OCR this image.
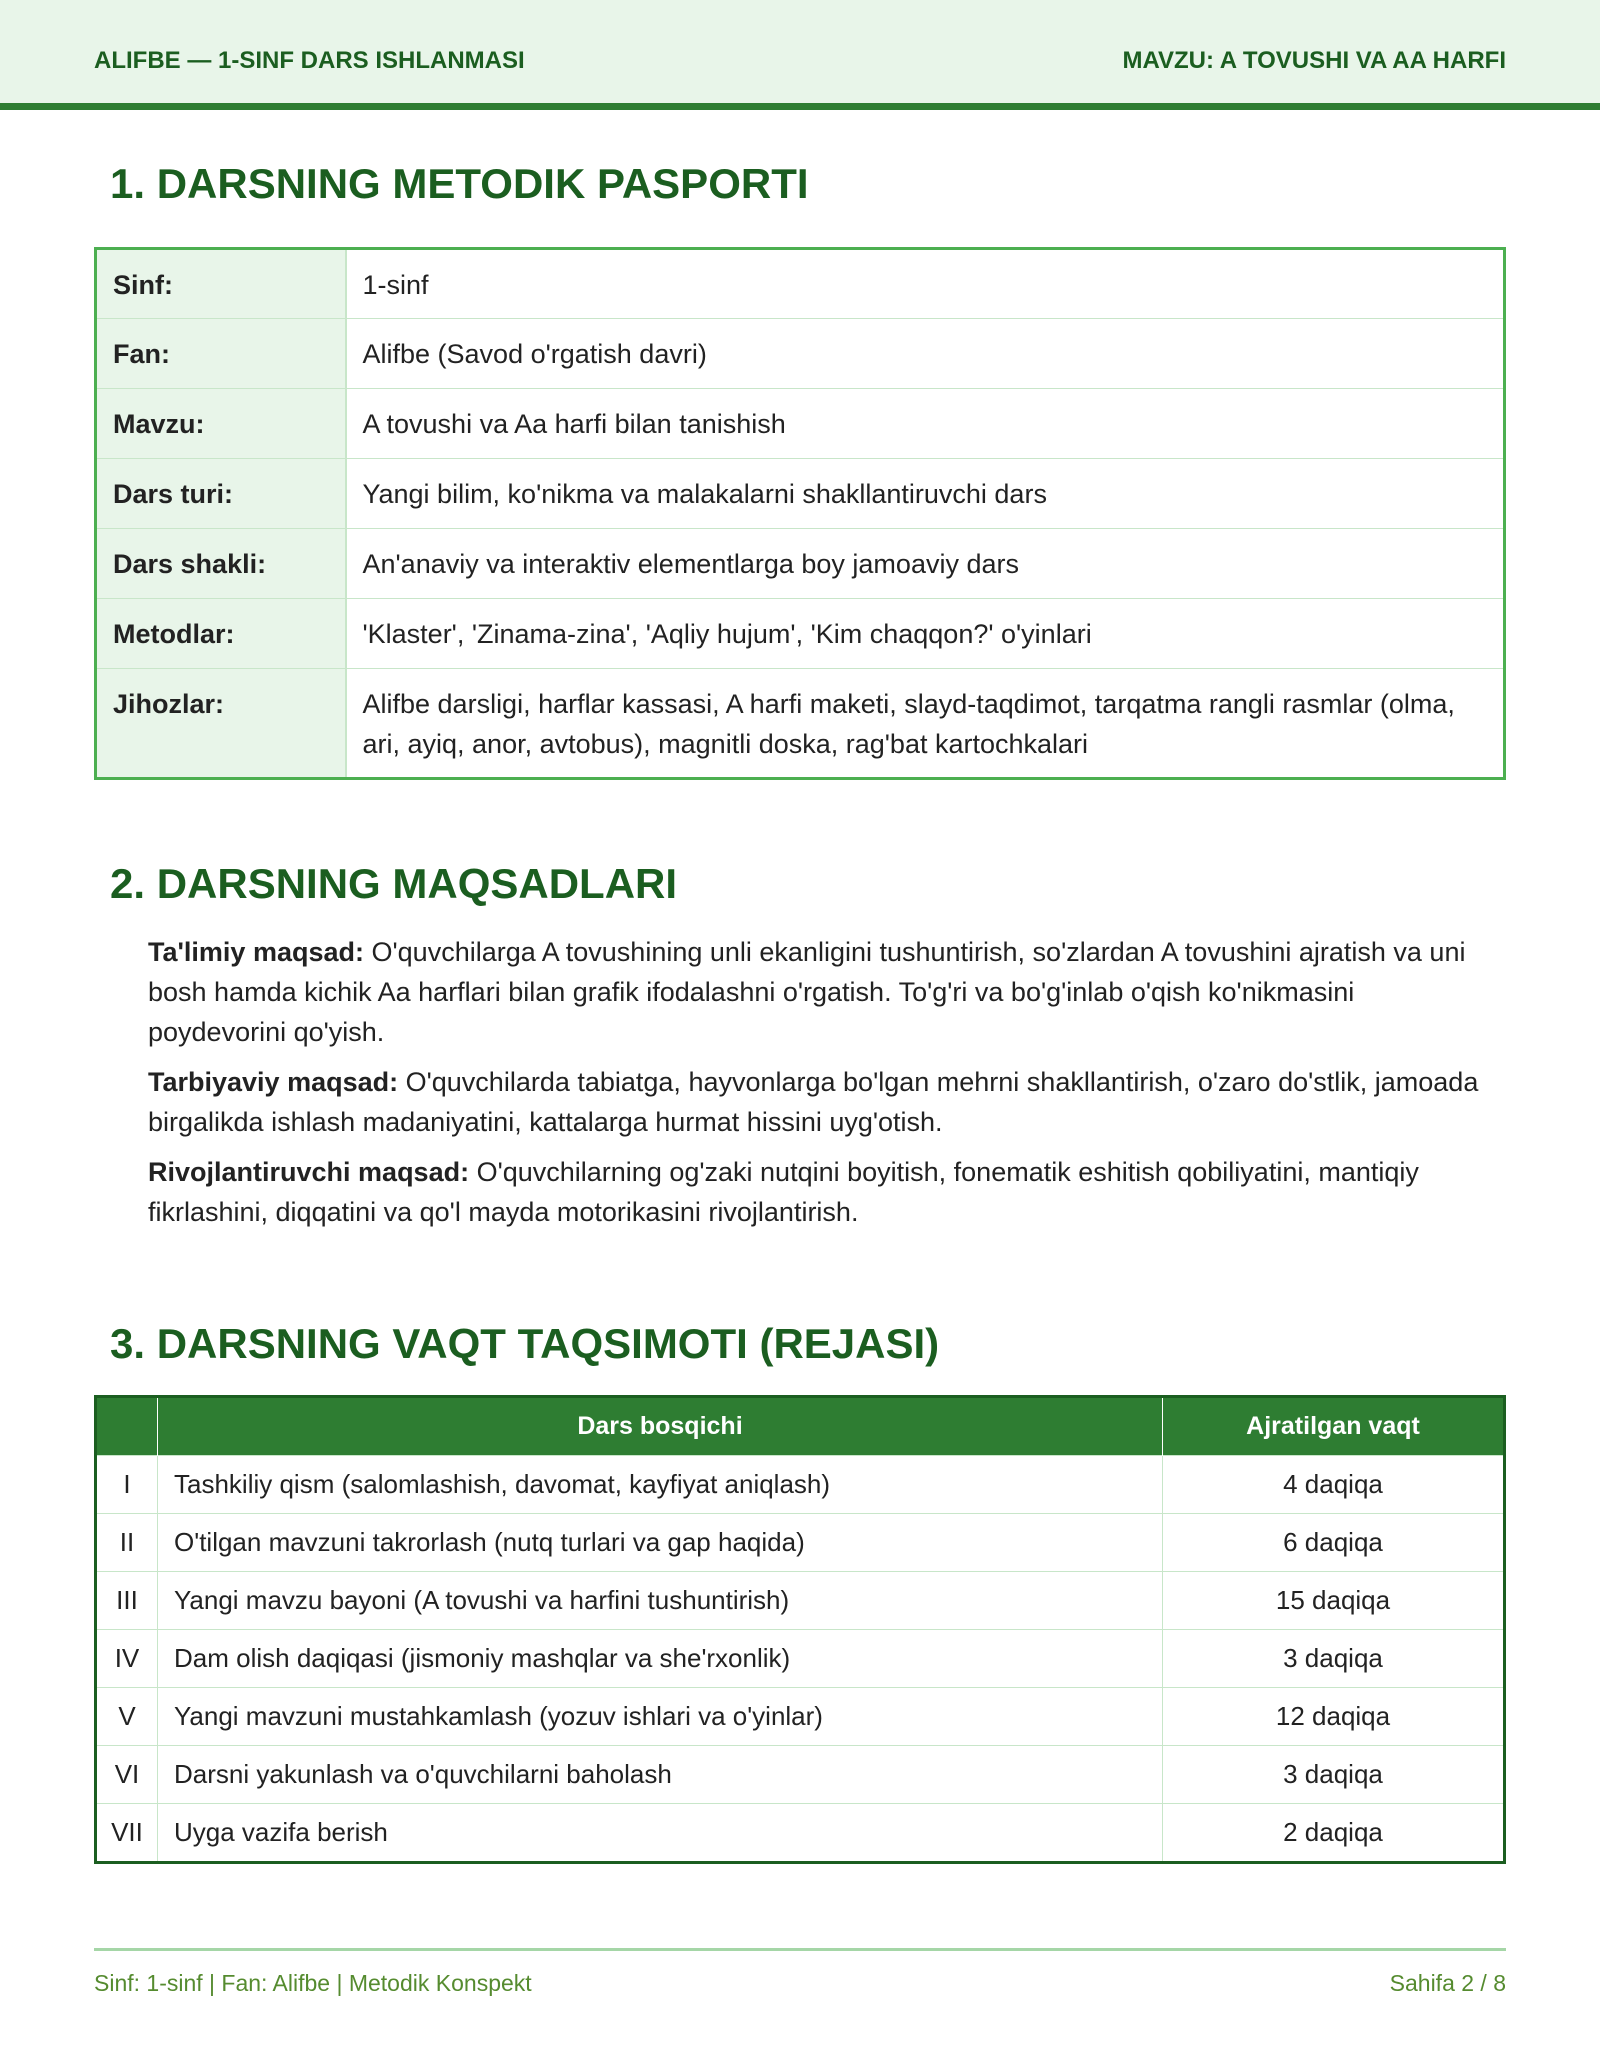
ALIFBE — 1-SINF DARS ISHLANMASI	MAVZU: A TOVUSHI VA AA HARFI
1. DARSNING METODIK PASPORTI
Sinf:	1-sinf
Fan:	Alifbe (Savod o'rgatish davri)
Mavzu:	A tovushi va Aa harfi bilan tanishish
Dars turi:	Yangi bilim, ko'nikma va malakalarni shakllantiruvchi dars
Dars shakli:	An'anaviy va interaktiv elementlarga boy jamoaviy dars
Metodlar:	'Klaster', 'Zinama-zina', 'Aqliy hujum', 'Kim chaqqon?' o'yinlari
Jihozlar:	Alifbe darsligi, harflar kassasi, A harfi maketi, slayd-taqdimot, tarqatma rangli rasmlar (olma, ari, ayiq, anor, avtobus), magnitli doska, rag'bat kartochkalari
2. DARSNING MAQSADLARI

Ta'limiy maqsad: O'quvchilarga A tovushining unli ekanligini tushuntirish, so'zlardan A tovushini ajratish va uni bosh hamda kichik Aa harflari bilan grafik ifodalashni o'rgatish. To'g'ri va bo'g'inlab o'qish ko'nikmasini poydevorini qo'yish.

Tarbiyaviy maqsad: O'quvchilarda tabiatga, hayvonlarga bo'lgan mehrni shakllantirish, o'zaro do'stlik, jamoada birgalikda ishlash madaniyatini, kattalarga hurmat hissini uyg'otish.

Rivojlantiruvchi maqsad: O'quvchilarning og'zaki nutqini boyitish, fonematik eshitish qobiliyatini, mantiqiy fikrlashini, diqqatini va qo'l mayda motorikasini rivojlantirish.

3. DARSNING VAQT TAQSIMOTI (REJASI)
	Dars bosqichi	Ajratilgan vaqt
I	Tashkiliy qism (salomlashish, davomat, kayfiyat aniqlash)	4 daqiqa
II	O'tilgan mavzuni takrorlash (nutq turlari va gap haqida)	6 daqiqa
III	Yangi mavzu bayoni (A tovushi va harfini tushuntirish)	15 daqiqa
IV	Dam olish daqiqasi (jismoniy mashqlar va she'rxonlik)	3 daqiqa
V	Yangi mavzuni mustahkamlash (yozuv ishlari va o'yinlar)	12 daqiqa
VI	Darsni yakunlash va o'quvchilarni baholash	3 daqiqa
VII	Uyga vazifa berish	2 daqiqa
Sinf: 1-sinf | Fan: Alifbe | Metodik Konspekt	Sahifa 2 / 8
